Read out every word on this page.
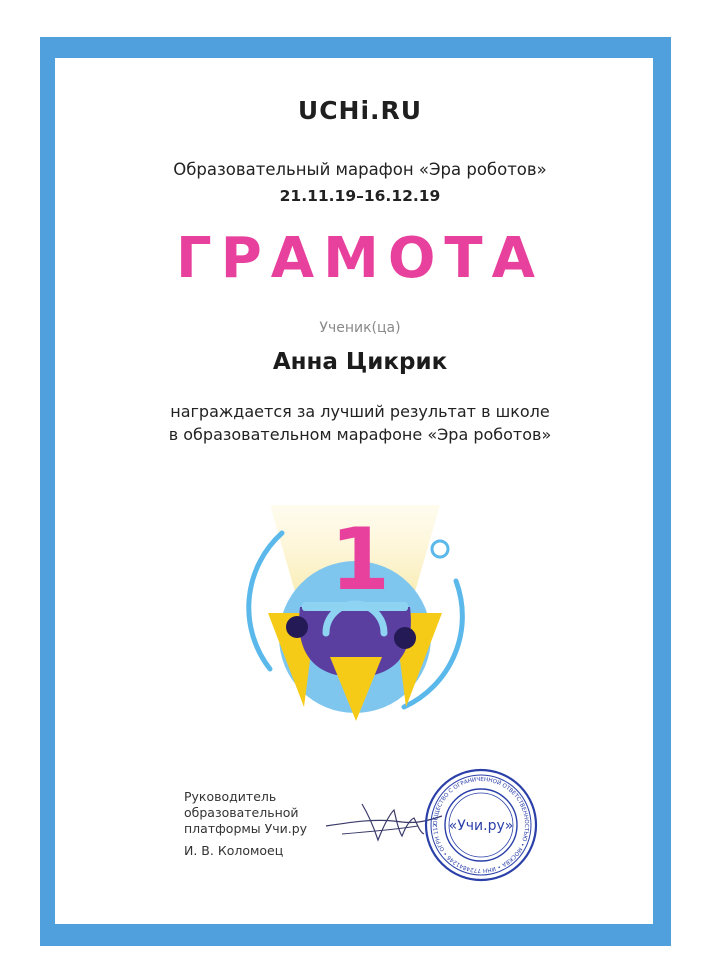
UCHi.RU
Образовательный марафон «Эра роботов»
21.11.19–16.12.19
ГРАМОТА
Ученик(ца)
Анна Цикрик
награждается за лучший результат в школе
в образовательном марафоне «Эра роботов»
1
Руководитель
образовательной
платформы Учи.ру
И. В. Коломоец
ОБЩЕСТВО С ОГРАНИЧЕННОЙ ОТВЕТСТВЕННОСТЬЮ • МОСКВА • ИНН 7724841246 • ОГРН 112 «Учи.ру»
